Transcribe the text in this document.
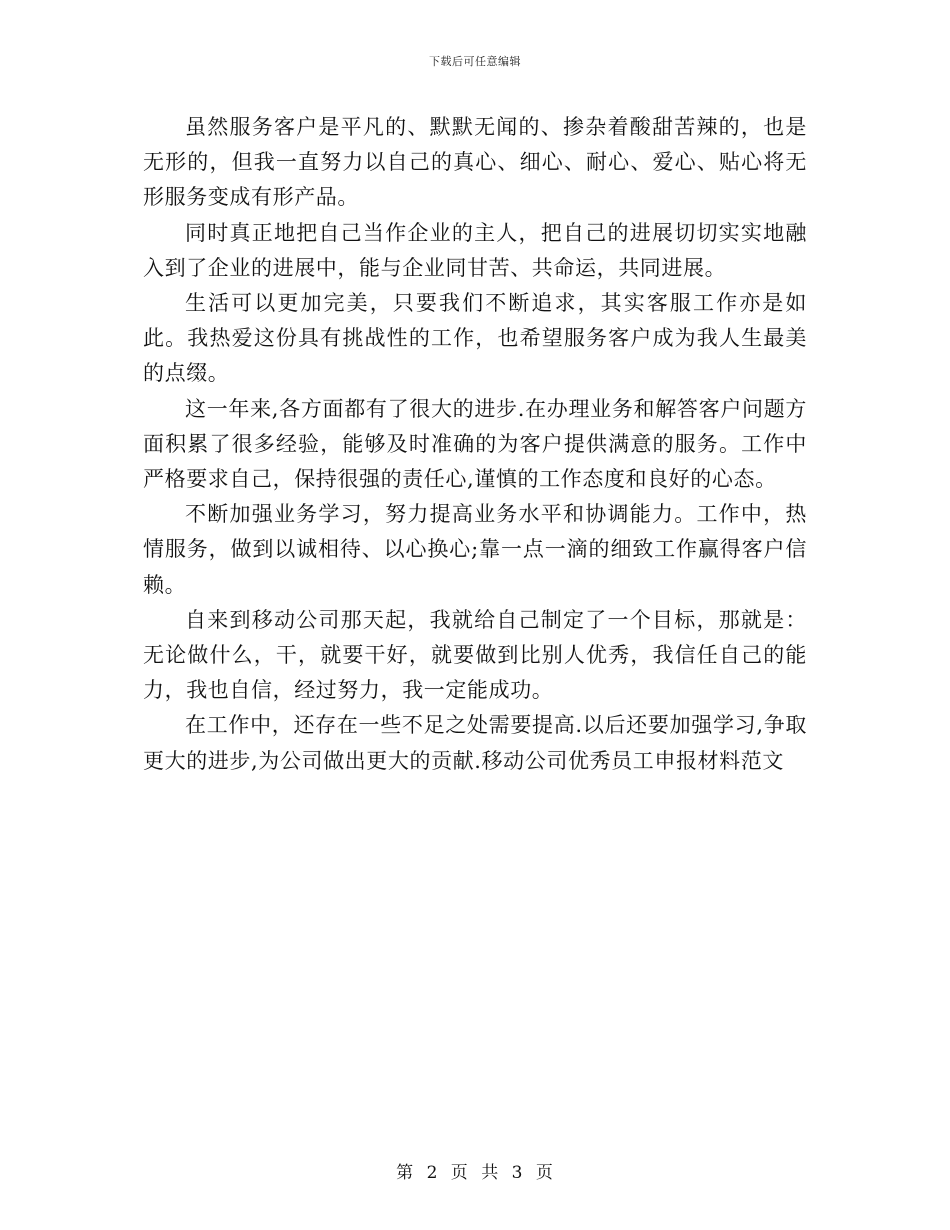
下载后可任意编辑

虽然服务客户是平凡的、默默无闻的、掺杂着酸甜苦辣的，也是无形的，但我一直努力以自己的真心、细心、耐心、爱心、贴心将无形服务变成有形产品。

同时真正地把自己当作企业的主人，把自己的进展切切实实地融入到了企业的进展中，能与企业同甘苦、共命运，共同进展。

生活可以更加完美，只要我们不断追求，其实客服工作亦是如此。我热爱这份具有挑战性的工作，也希望服务客户成为我人生最美的点缀。

这一年来,各方面都有了很大的进步.在办理业务和解答客户问题方面积累了很多经验，能够及时准确的为客户提供满意的服务。工作中严格要求自己，保持很强的责任心,谨慎的工作态度和良好的心态。

不断加强业务学习，努力提高业务水平和协调能力。工作中，热情服务，做到以诚相待、以心换心;靠一点一滴的细致工作赢得客户信赖。

自来到移动公司那天起，我就给自己制定了一个目标，那就是：无论做什么，干，就要干好，就要做到比别人优秀，我信任自己的能力，我也自信，经过努力，我一定能成功。

在工作中，还存在一些不足之处需要提高.以后还要加强学习,争取更大的进步,为公司做出更大的贡献.移动公司优秀员工申报材料范文

第 2 页 共 3 页
